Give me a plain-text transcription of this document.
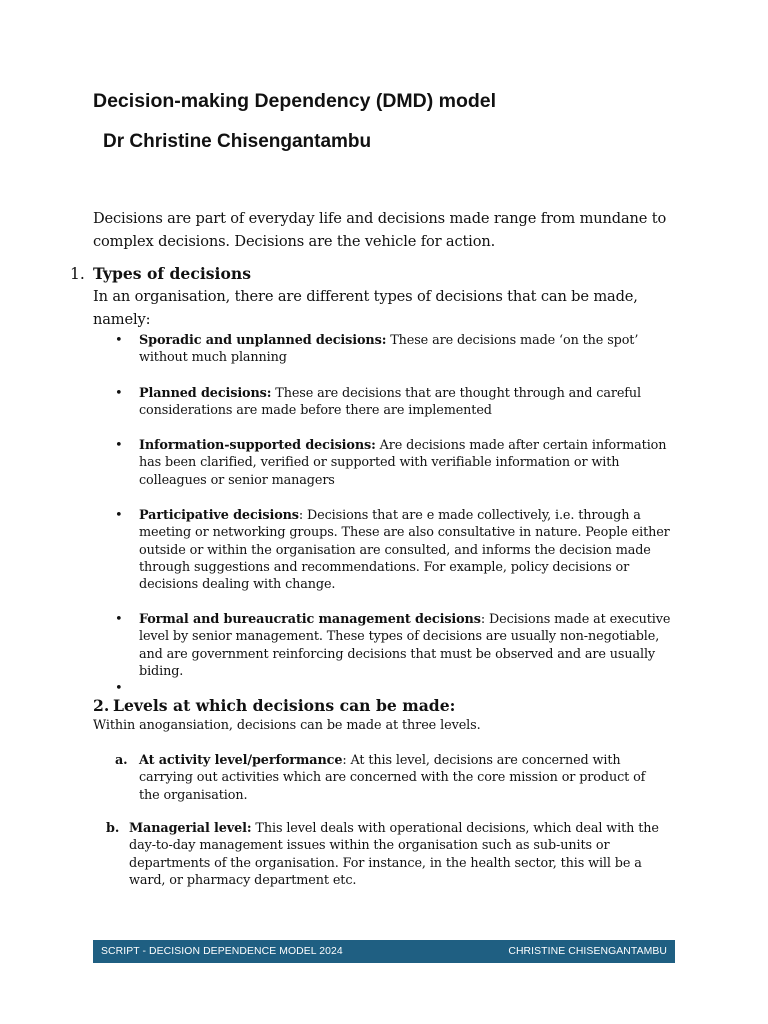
Decision-making Dependency (DMD) model
Dr Christine Chisengantambu
Decisions are part of everyday life and decisions made range from mundane to complex decisions. Decisions are the vehicle for action.
1. Types of decisions
In an organisation, there are different types of decisions that can be made, namely:
• Sporadic and unplanned decisions: These are decisions made ‘on the spot’ without much planning
• Planned decisions: These are decisions that are thought through and careful considerations are made before there are implemented
• Information-supported decisions: Are decisions made after certain information has been clarified, verified or supported with verifiable information or with colleagues or senior managers
• Participative decisions: Decisions that are e made collectively, i.e. through a meeting or networking groups. These are also consultative in nature. People either outside or within the organisation are consulted, and informs the decision made through suggestions and recommendations. For example, policy decisions or decisions dealing with change.
• Formal and bureaucratic management decisions: Decisions made at executive level by senior management. These types of decisions are usually non-negotiable, and are government reinforcing decisions that must be observed and are usually biding.
•
2. Levels at which decisions can be made:
Within anogansiation, decisions can be made at three levels.
a. At activity level/performance: At this level, decisions are concerned with carrying out activities which are concerned with the core mission or product of the organisation.
b. Managerial level: This level deals with operational decisions, which deal with the day-to-day management issues within the organisation such as sub-units or departments of the organisation. For instance, in the health sector, this will be a ward, or pharmacy department etc.
SCRIPT - DECISION DEPENDENCE MODEL 2024	CHRISTINE CHISENGANTAMBU
